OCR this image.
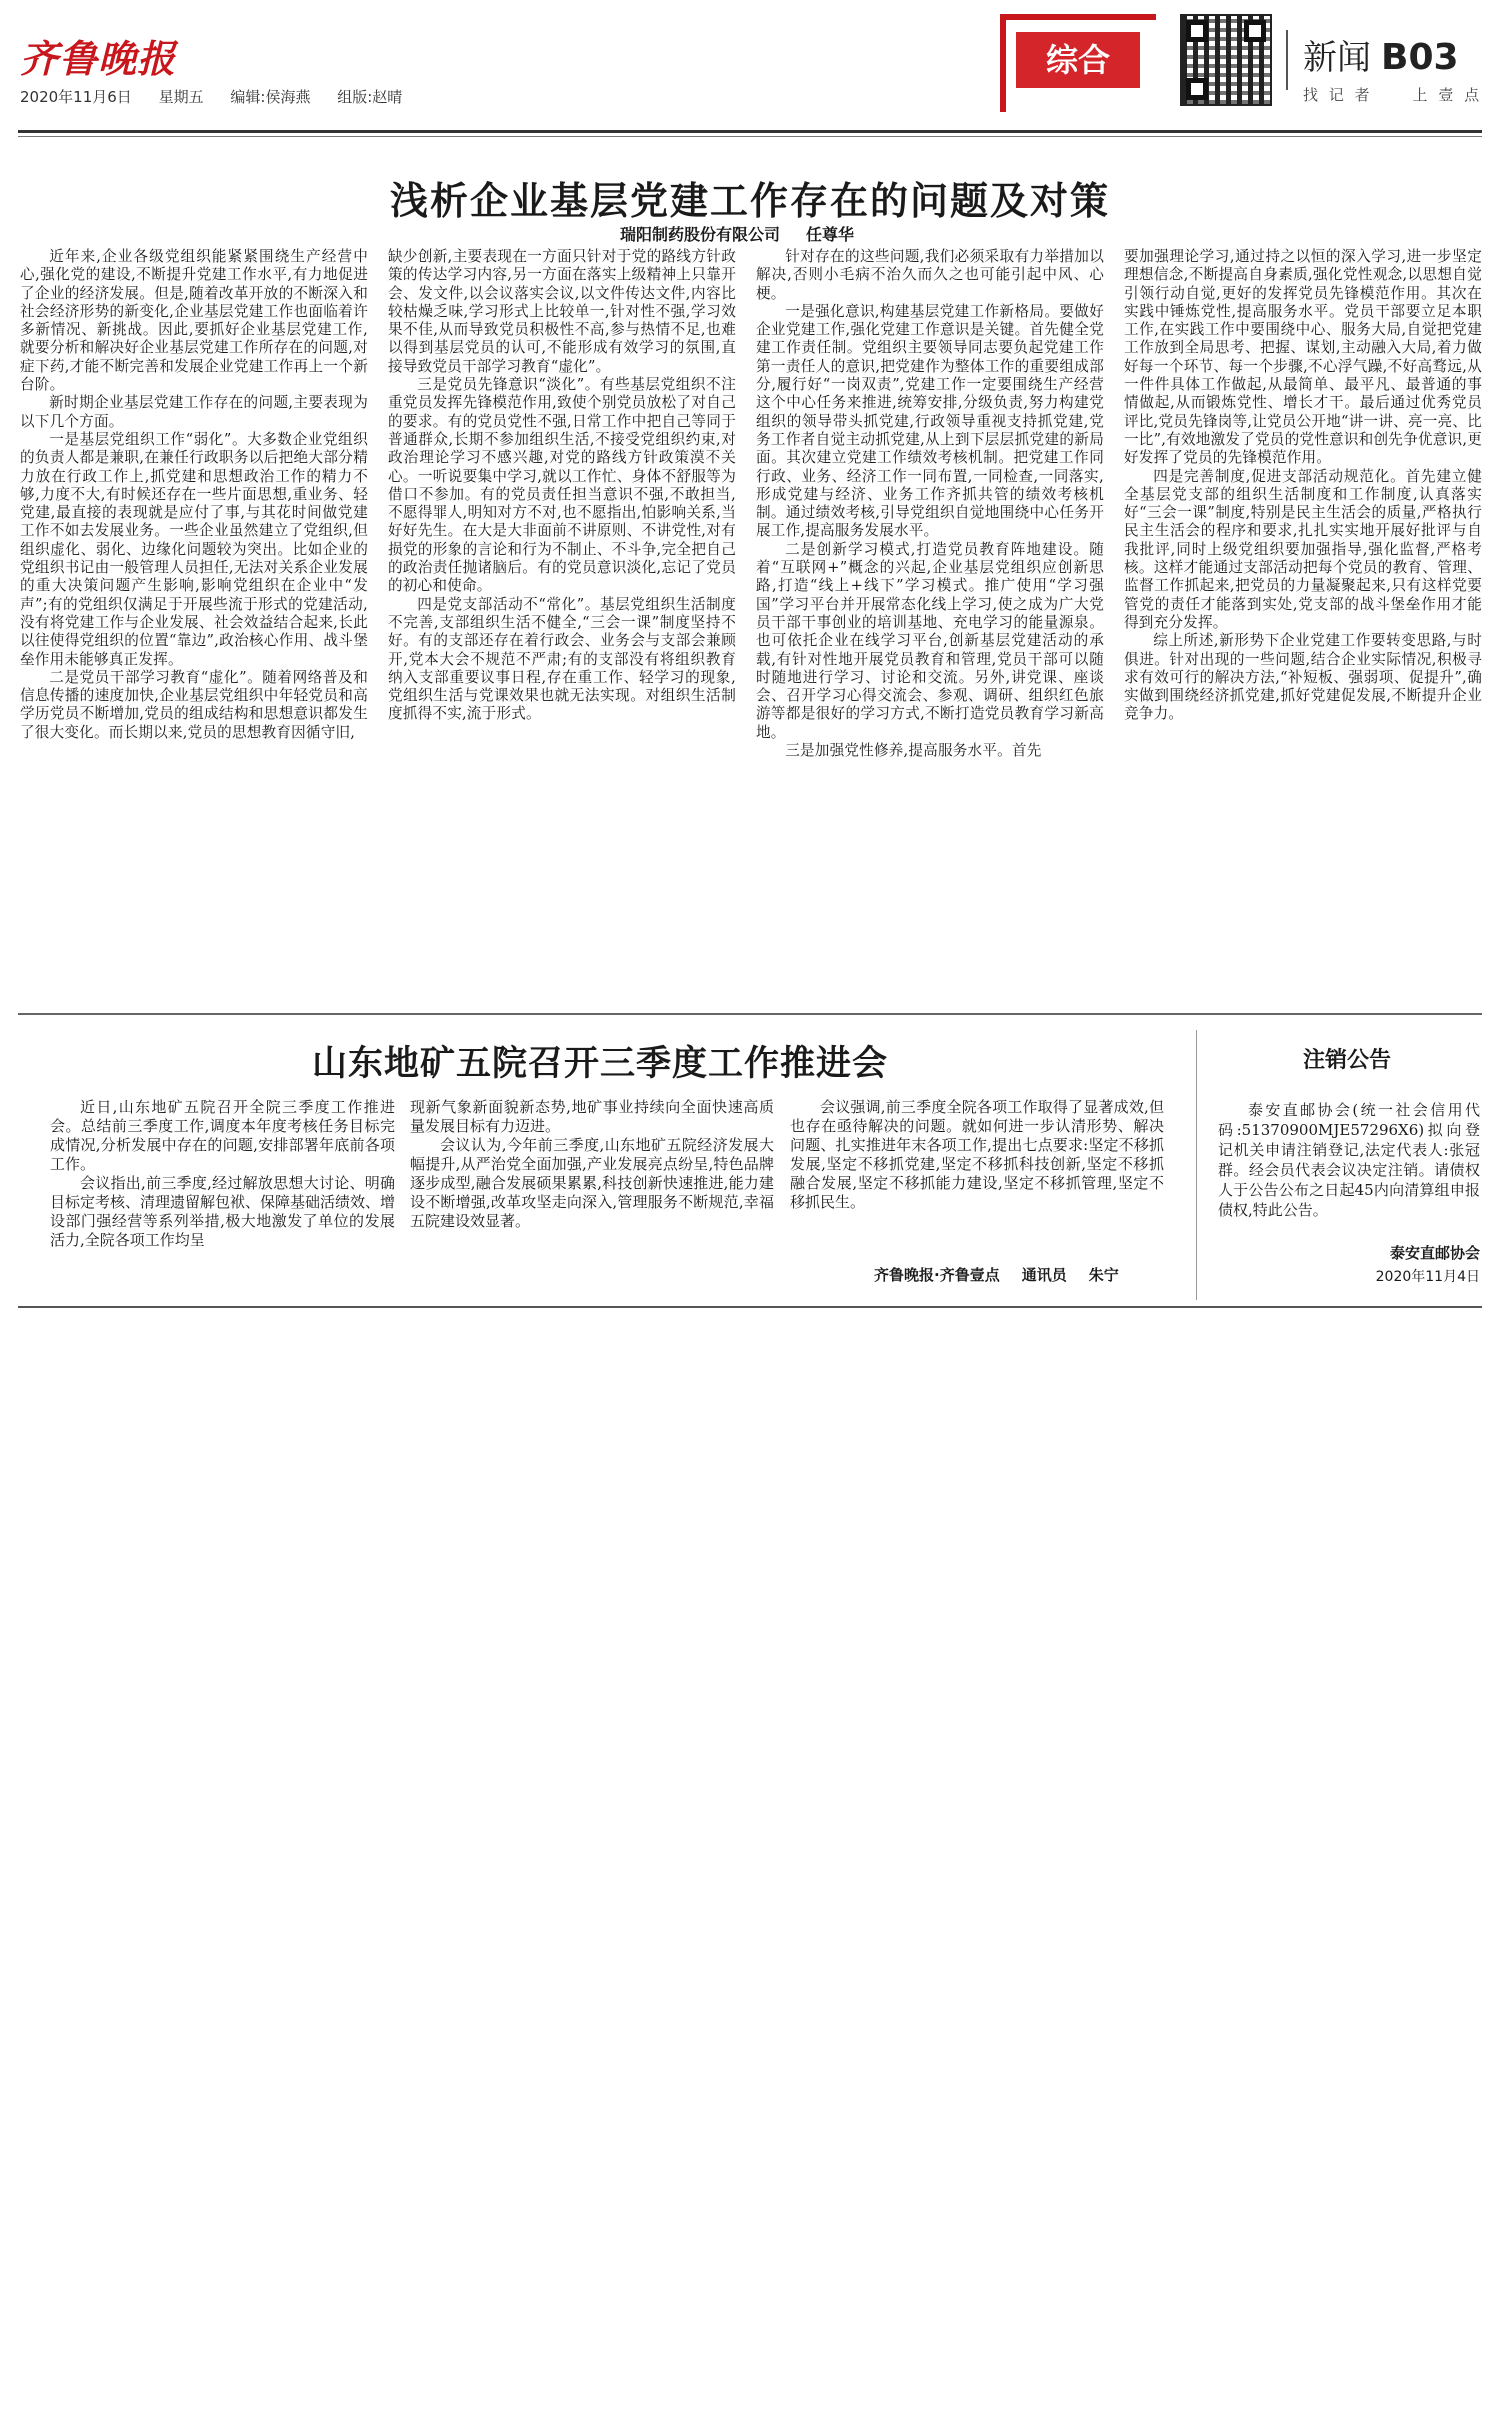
齐鲁晚报
2020年11月6日 星期五 编辑:侯海燕 组版:赵晴
综合	新闻 B03
找 记 者	上 壹 点
浅析企业基层党建工作存在的问题及对策
瑞阳制药股份有限公司 任尊华

近年来,企业各级党组织能紧紧围绕生产经营中心,强化党的建设,不断提升党建工作水平,有力地促进了企业的经济发展。但是,随着改革开放的不断深入和社会经济形势的新变化,企业基层党建工作也面临着许多新情况、新挑战。因此,要抓好企业基层党建工作,就要分析和解决好企业基层党建工作所存在的问题,对症下药,才能不断完善和发展企业党建工作再上一个新台阶。

新时期企业基层党建工作存在的问题,主要表现为以下几个方面。

一是基层党组织工作“弱化”。大多数企业党组织的负责人都是兼职,在兼任行政职务以后把绝大部分精力放在行政工作上,抓党建和思想政治工作的精力不够,力度不大,有时候还存在一些片面思想,重业务、轻党建,最直接的表现就是应付了事,与其花时间做党建工作不如去发展业务。一些企业虽然建立了党组织,但组织虚化、弱化、边缘化问题较为突出。比如企业的党组织书记由一般管理人员担任,无法对关系企业发展的重大决策问题产生影响,影响党组织在企业中“发声”;有的党组织仅满足于开展些流于形式的党建活动,没有将党建工作与企业发展、社会效益结合起来,长此以往使得党组织的位置“靠边”,政治核心作用、战斗堡垒作用未能够真正发挥。

二是党员干部学习教育“虚化”。随着网络普及和信息传播的速度加快,企业基层党组织中年轻党员和高学历党员不断增加,党员的组成结构和思想意识都发生了很大变化。而长期以来,党员的思想教育因循守旧,

缺少创新,主要表现在一方面只针对于党的路线方针政策的传达学习内容,另一方面在落实上级精神上只靠开会、发文件,以会议落实会议,以文件传达文件,内容比较枯燥乏味,学习形式上比较单一,针对性不强,学习效果不佳,从而导致党员积极性不高,参与热情不足,也难以得到基层党员的认可,不能形成有效学习的氛围,直接导致党员干部学习教育“虚化”。

三是党员先锋意识“淡化”。有些基层党组织不注重党员发挥先锋模范作用,致使个别党员放松了对自己的要求。有的党员党性不强,日常工作中把自己等同于普通群众,长期不参加组织生活,不接受党组织约束,对政治理论学习不感兴趣,对党的路线方针政策漠不关心。一听说要集中学习,就以工作忙、身体不舒服等为借口不参加。有的党员责任担当意识不强,不敢担当,不愿得罪人,明知对方不对,也不愿指出,怕影响关系,当好好先生。在大是大非面前不讲原则、不讲党性,对有损党的形象的言论和行为不制止、不斗争,完全把自己的政治责任抛诸脑后。有的党员意识淡化,忘记了党员的初心和使命。

四是党支部活动不“常化”。基层党组织生活制度不完善,支部组织生活不健全,“三会一课”制度坚持不好。有的支部还存在着行政会、业务会与支部会兼顾开,党本大会不规范不严肃;有的支部没有将组织教育纳入支部重要议事日程,存在重工作、轻学习的现象,党组织生活与党课效果也就无法实现。对组织生活制度抓得不实,流于形式。

针对存在的这些问题,我们必须采取有力举措加以解决,否则小毛病不治久而久之也可能引起中风、心梗。

一是强化意识,构建基层党建工作新格局。要做好企业党建工作,强化党建工作意识是关键。首先健全党建工作责任制。党组织主要领导同志要负起党建工作第一责任人的意识,把党建作为整体工作的重要组成部分,履行好“一岗双责”,党建工作一定要围绕生产经营这个中心任务来推进,统筹安排,分级负责,努力构建党组织的领导带头抓党建,行政领导重视支持抓党建,党务工作者自觉主动抓党建,从上到下层层抓党建的新局面。其次建立党建工作绩效考核机制。把党建工作同行政、业务、经济工作一同布置,一同检查,一同落实,形成党建与经济、业务工作齐抓共管的绩效考核机制。通过绩效考核,引导党组织自觉地围绕中心任务开展工作,提高服务发展水平。

二是创新学习模式,打造党员教育阵地建设。随着“互联网+”概念的兴起,企业基层党组织应创新思路,打造“线上+线下”学习模式。推广使用“学习强国”学习平台并开展常态化线上学习,使之成为广大党员干部干事创业的培训基地、充电学习的能量源泉。也可依托企业在线学习平台,创新基层党建活动的承载,有针对性地开展党员教育和管理,党员干部可以随时随地进行学习、讨论和交流。另外,讲党课、座谈会、召开学习心得交流会、参观、调研、组织红色旅游等都是很好的学习方式,不断打造党员教育学习新高地。

三是加强党性修养,提高服务水平。首先

要加强理论学习,通过持之以恒的深入学习,进一步坚定理想信念,不断提高自身素质,强化党性观念,以思想自觉引领行动自觉,更好的发挥党员先锋模范作用。其次在实践中锤炼党性,提高服务水平。党员干部要立足本职工作,在实践工作中要围绕中心、服务大局,自觉把党建工作放到全局思考、把握、谋划,主动融入大局,着力做好每一个环节、每一个步骤,不心浮气躁,不好高骛远,从一件件具体工作做起,从最简单、最平凡、最普通的事情做起,从而锻炼党性、增长才干。最后通过优秀党员评比,党员先锋岗等,让党员公开地“讲一讲、亮一亮、比一比”,有效地激发了党员的党性意识和创先争优意识,更好发挥了党员的先锋模范作用。

四是完善制度,促进支部活动规范化。首先建立健全基层党支部的组织生活制度和工作制度,认真落实好“三会一课”制度,特别是民主生活会的质量,严格执行民主生活会的程序和要求,扎扎实实地开展好批评与自我批评,同时上级党组织要加强指导,强化监督,严格考核。这样才能通过支部活动把每个党员的教育、管理、监督工作抓起来,把党员的力量凝聚起来,只有这样党要管党的责任才能落到实处,党支部的战斗堡垒作用才能得到充分发挥。

综上所述,新形势下企业党建工作要转变思路,与时俱进。针对出现的一些问题,结合企业实际情况,积极寻求有效可行的解决方法,“补短板、强弱项、促提升”,确实做到围绕经济抓党建,抓好党建促发展,不断提升企业竞争力。

山东地矿五院召开三季度工作推进会

近日,山东地矿五院召开全院三季度工作推进会。总结前三季度工作,调度本年度考核任务目标完成情况,分析发展中存在的问题,安排部署年底前各项工作。

会议指出,前三季度,经过解放思想大讨论、明确目标定考核、清理遗留解包袱、保障基础活绩效、增设部门强经营等系列举措,极大地激发了单位的发展活力,全院各项工作均呈

现新气象新面貌新态势,地矿事业持续向全面快速高质量发展目标有力迈进。

会议认为,今年前三季度,山东地矿五院经济发展大幅提升,从严治党全面加强,产业发展亮点纷呈,特色品牌逐步成型,融合发展硕果累累,科技创新快速推进,能力建设不断增强,改革攻坚走向深入,管理服务不断规范,幸福五院建设效显著。

会议强调,前三季度全院各项工作取得了显著成效,但也存在亟待解决的问题。就如何进一步认清形势、解决问题、扎实推进年末各项工作,提出七点要求:坚定不移抓发展,坚定不移抓党建,坚定不移抓科技创新,坚定不移抓融合发展,坚定不移抓能力建设,坚定不移抓管理,坚定不移抓民生。

齐鲁晚报·齐鲁壹点 通讯员 朱宁
注销公告

泰安直邮协会(统一社会信用代码:51370900MJE57296X6)拟向登记机关申请注销登记,法定代表人:张冠群。经会员代表会议决定注销。请债权人于公告公布之日起45内向清算组申报债权,特此公告。

泰安直邮协会
2020年11月4日
